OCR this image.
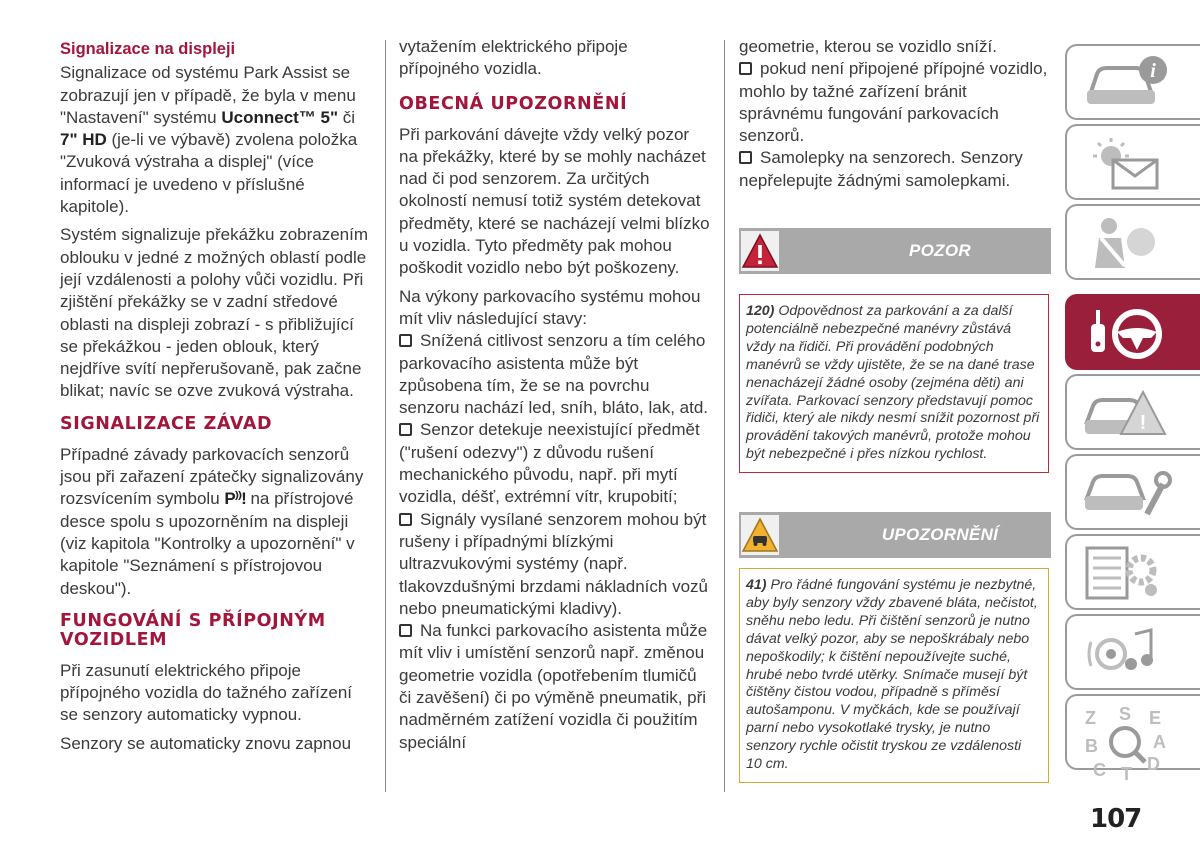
Signalizace na displeji

Signalizace od systému Park Assist se zobrazují jen v případě, že byla v menu "Nastavení" systému Uconnect™ 5" či 7" HD (je-li ve výbavě) zvolena položka "Zvuková výstraha a displej" (více informací je uvedeno v příslušné kapitole).

Systém signalizuje překážku zobrazením oblouku v jedné z možných oblastí podle její vzdálenosti a polohy vůči vozidlu. Při zjištění překážky se v zadní středové oblasti na displeji zobrazí - s přibližující se překážkou - jeden oblouk, který nejdříve svítí nepřerušovaně, pak začne blikat; navíc se ozve zvuková výstraha.

SIGNALIZACE ZÁVAD

Případné závady parkovacích senzorů jsou při zařazení zpátečky signalizovány rozsvícením symbolu P⁾⁾! na přístrojové desce spolu s upozorněním na displeji (viz kapitola "Kontrolky a upozornění" v kapitole "Seznámení s přístrojovou deskou").

FUNGOVÁNÍ S PŘÍPOJNÝM VOZIDLEM

Při zasunutí elektrického připoje přípojného vozidla do tažného zařízení se senzory automaticky vypnou.

Senzory se automaticky znovu zapnou

vytažením elektrického připoje přípojného vozidla.

OBECNÁ UPOZORNĚNÍ

Při parkování dávejte vždy velký pozor na překážky, které by se mohly nacházet nad či pod senzorem. Za určitých okolností nemusí totiž systém detekovat předměty, které se nacházejí velmi blízko u vozidla. Tyto předměty pak mohou poškodit vozidlo nebo být poškozeny.

Na výkony parkovacího systému mohou mít vliv následující stavy:

Snížená citlivost senzoru a tím celého parkovacího asistenta může být způsobena tím, že se na povrchu senzoru nachází led, sníh, bláto, lak, atd.
Senzor detekuje neexistující předmět ("rušení odezvy") z důvodu rušení mechanického původu, např. při mytí vozidla, déšť, extrémní vítr, krupobití;
Signály vysílané senzorem mohou být rušeny i případnými blízkými ultrazvukovými systémy (např. tlakovzdušnými brzdami nákladních vozů nebo pneumatickými kladivy).
Na funkci parkovacího asistenta může mít vliv i umístění senzorů např. změnou geometrie vozidla (opotřebením tlumičů či zavěšení) či po výměně pneumatik, při nadměrném zatížení vozidla či použitím speciální
geometrie, kterou se vozidlo sníží.
pokud není připojené přípojné vozidlo, mohlo by tažné zařízení bránit správnému fungování parkovacích senzorů.
Samolepky na senzorech. Senzory nepřelepujte žádnými samolepkami.
POZOR
120) Odpovědnost za parkování a za další potenciálně nebezpečné manévry zůstává vždy na řidiči. Při provádění podobných manévrů se vždy ujistěte, že se na dané trase nenacházejí žádné osoby (zejména děti) ani zvířata. Parkovací senzory představují pomoc řidiči, který ale nikdy nesmí snížit pozornost při provádění takových manévrů, protože mohou být nebezpečné i přes nízkou rychlost.
UPOZORNĚNÍ
41) Pro řádné fungování systému je nezbytné, aby byly senzory vždy zbavené bláta, nečistot, sněhu nebo ledu. Při čištění senzorů je nutno dávat velký pozor, aby se nepoškrábaly nebo nepoškodily; k čištění nepoužívejte suché, hrubé nebo tvrdé utěrky. Snímače musejí být čištěny čistou vodou, případně s příměsí autošamponu. V myčkách, kde se používají parní nebo vysokotlaké trysky, je nutno senzory rychle očistit tryskou ze vzdálenosti 10 cm.
i
!
Z S E
A
B
C T D
107
